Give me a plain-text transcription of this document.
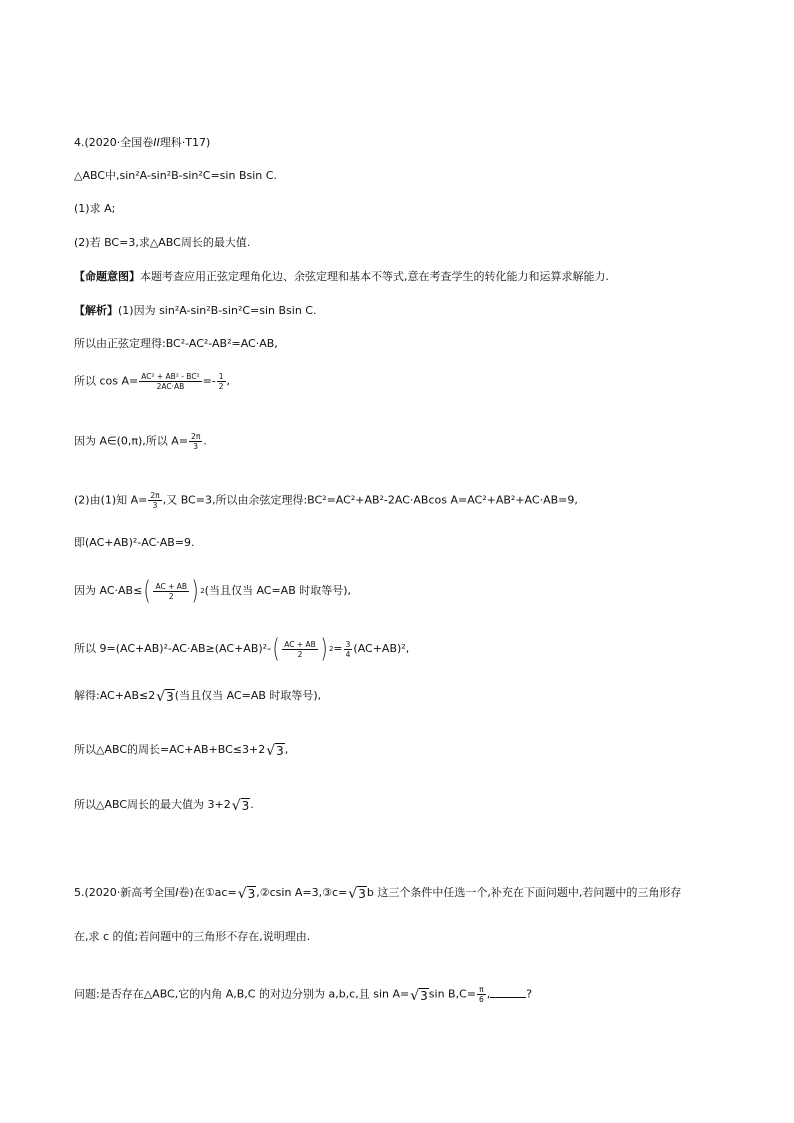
4.(2020·全国卷II理科·T17)
△ABC中,sin²A-sin²B-sin²C=sin Bsin C.
(1)求 A;
(2)若 BC=3,求△ABC周长的最大值.
【命题意图】本题考查应用正弦定理角化边、余弦定理和基本不等式,意在考查学生的转化能力和运算求解能力.
【解析】(1)因为 sin²A-sin²B-sin²C=sin Bsin C.
所以由正弦定理得:BC²-AC²-AB²=AC·AB,
所以 $\cos A= \frac{\text{AC² + AB² - BC²}}{2AC\cdot AB} =- \frac{1}{2}$ ,
因为 A∈(0,π),所以 $A= \frac{2\pi}{3}$ .
(2)由(1)知 $A= \frac{2\pi}{3}$ ,又 BC=3,所以由余弦定理得:BC²=AC²+AB²-2AC·ABcos A=AC²+AB²+AC·AB=9,
即(AC+AB)²-AC·AB=9.
因为 AC·AB≤ ( $\frac{AC + AB}{2}$ ) 2 (当且仅当 AC=AB 时取等号),
所以 9=(AC+AB)²-AC·AB≥(AC+AB)²- ( $\frac{AC + AB}{2}$ ) $2 = \frac{3}{4} (AC+AB)^2$,
解得:AC+AB≤2√3(当且仅当 AC=AB 时取等号),
所以△ABC的周长=AC+AB+BC≤3+2√3,
所以△ABC周长的最大值为 3+2√3.
5.(2020·新高考全国I卷)在①ac=√3,②csin A=3,③c=√3b 这三个条件中任选一个,补充在下面问题中,若问题中的三角形存
在,求 c 的值;若问题中的三角形不存在,说明理由.
问题:是否存在△ABC,它的内角 A,B,C 的对边分别为 a,b,c,且 sin A=√3sin $B,C= \frac{\pi}{6}$ ,	?
